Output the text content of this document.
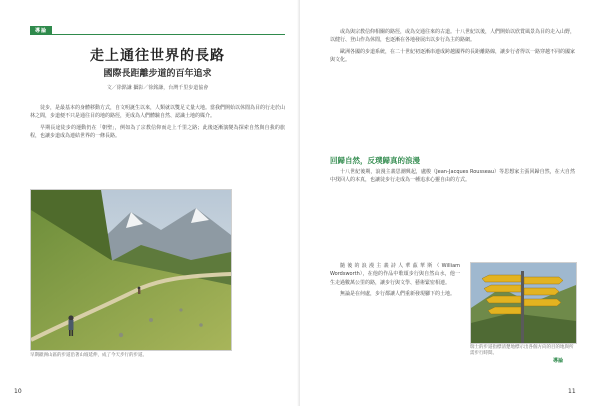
導論
走上通往世界的長路
國際長距離步道的百年追求
文／徐銘謙 攝影／徐銘謙，台灣千里步道協會

徒步，是最基本的身體移動方式，自文明誕生以來，人類就以雙足丈量大地。當我們開始以休閒為目的行走於山林之間，步道便不只是通往目的地的路徑，更成為人們體驗自然、認識土地的媒介。

早期長途徒步的運動仍在「朝聖」，例如為了宗教信仰而走上千里之路；此後逐漸演變為探索自然與自我的旅程，也讓步道成為連結世界的一條長路。

早期歐洲山區的步道沿著山坡延伸，成了今天步行的步道。
10

或為與宗教信仰相關的路徑，或為交通往來的古道。十八世紀以後，人們開始以欣賞風景為目的走入山野，以健行、登山作為休閒，也逐漸在各地發展出以步行為主的路網。

歐洲各國的步道系統，在二十世紀初逐漸串連成跨越國界的長距離路線，讓步行者得以一路穿越不同的國家與文化。

回歸自然，反璞歸真的浪漫

十八世紀後期，浪漫主義思潮興起，盧梭（Jean-Jacques Rousseau）等思想家主張回歸自然，在大自然中找回人的本真，也讓徒步行走成為一種追求心靈自由的方式。

隨後的浪漫主義詩人華茲華斯（William Wordsworth），在他的作品中歌頌步行與自然山水，他一生走過數萬公里的路，讓步行與文學、藝術緊密相連。

無論是在何處，步行都讓人們重新發現腳下的土地。

瑞士的步道指標清楚地標示出各個方向的目的地與所需步行時間。
導論
11
